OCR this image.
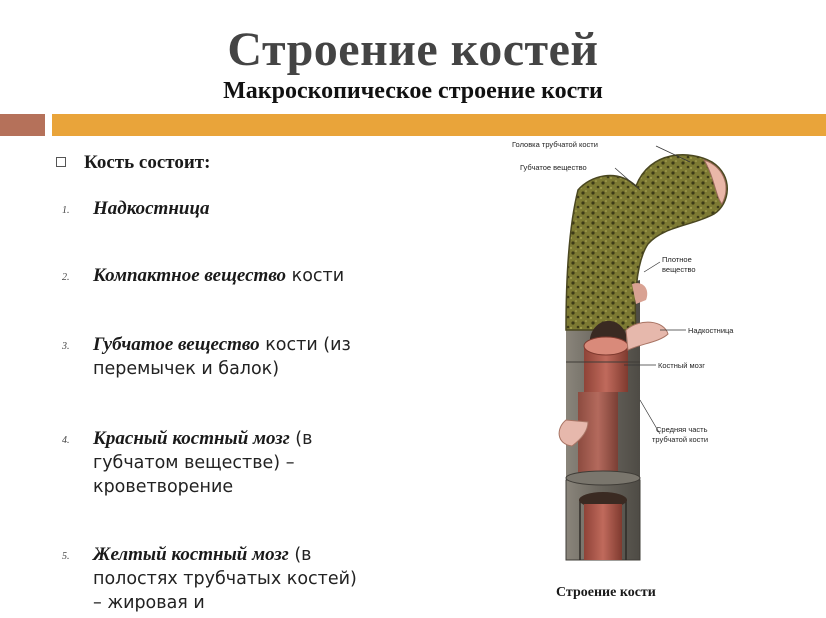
Строение костей
Макроскопическое строение кости
Кость состоит:
1. Надкостница
2. Компактное вещество кости
3. Губчатое вещество кости (из перемычек и балок)
4. Красный костный мозг (в губчатом веществе) – кроветворение
5. Желтый костный мозг (в полостях трубчатых костей) – жировая и
Головка трубчатой кости
Губчатое вещество
Плотное
вещество
Надкостница
Костный мозг
Средняя часть
трубчатой кости
Строение кости
